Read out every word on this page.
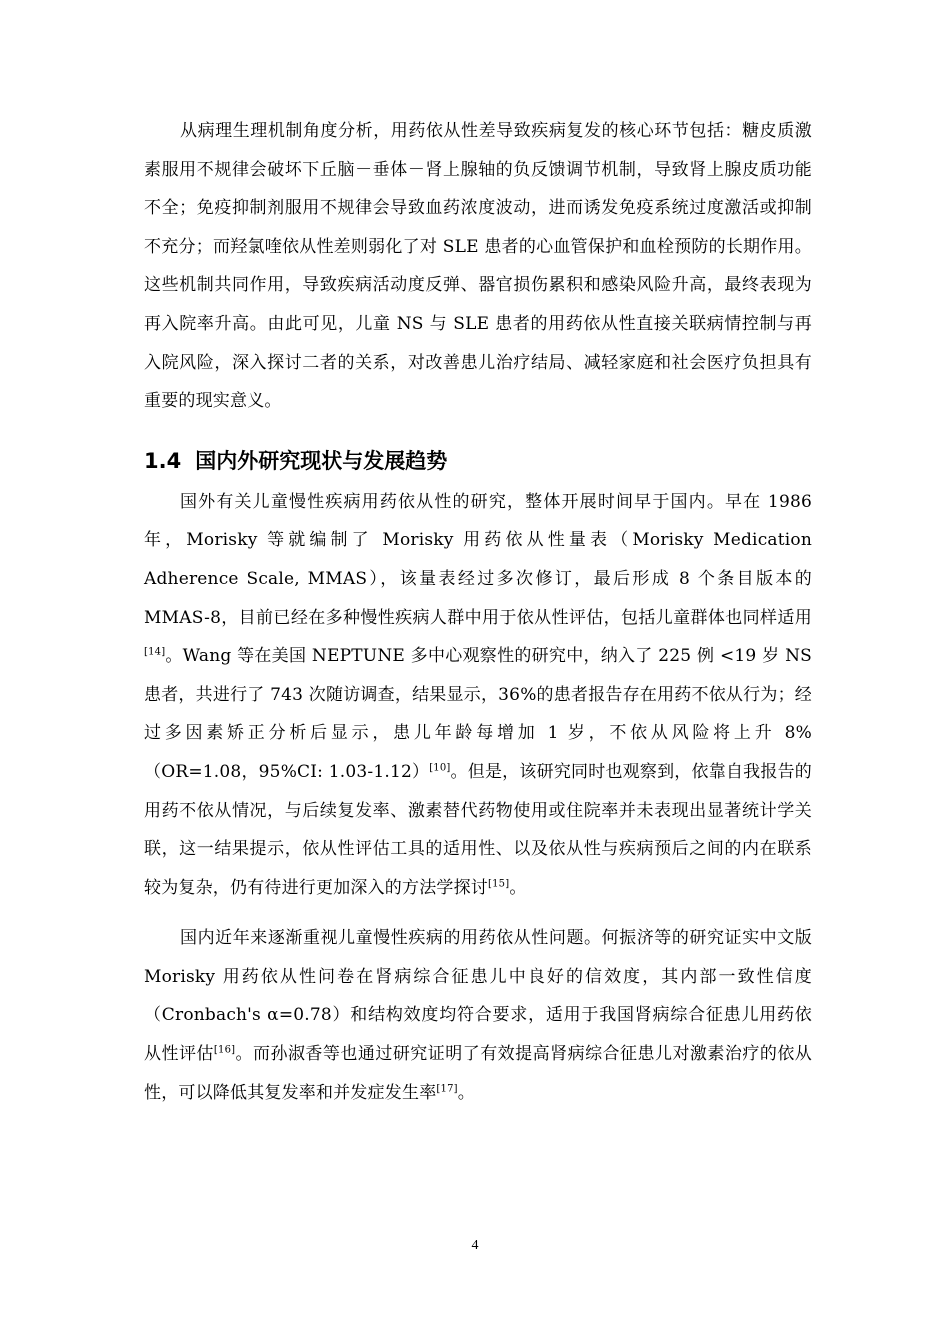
从病理生理机制角度分析，用药依从性差导致疾病复发的核心环节包括：糖皮质激素服用不规律会破坏下丘脑－垂体－肾上腺轴的负反馈调节机制，导致肾上腺皮质功能不全；免疫抑制剂服用不规律会导致血药浓度波动，进而诱发免疫系统过度激活或抑制不充分；而羟氯喹依从性差则弱化了对 SLE 患者的心血管保护和血栓预防的长期作用。这些机制共同作用，导致疾病活动度反弹、器官损伤累积和感染风险升高，最终表现为再入院率升高。由此可见，儿童 NS 与 SLE 患者的用药依从性直接关联病情控制与再入院风险，深入探讨二者的关系，对改善患儿治疗结局、减轻家庭和社会医疗负担具有重要的现实意义。

1.4 国内外研究现状与发展趋势

国外有关儿童慢性疾病用药依从性的研究，整体开展时间早于国内。早在 1986 年，Morisky 等就编制了 Morisky 用药依从性量表（Morisky Medication Adherence Scale, MMAS），该量表经过多次修订，最后形成 8 个条目版本的 MMAS-8，目前已经在多种慢性疾病人群中用于依从性评估，包括儿童群体也同样适用[14]。Wang 等在美国 NEPTUNE 多中心观察性的研究中，纳入了 225 例 <19 岁 NS 患者，共进行了 743 次随访调查，结果显示，36%的患者报告存在用药不依从行为；经过多因素矫正分析后显示，患儿年龄每增加 1 岁，不依从风险将上升 8%（OR=1.08，95%CI: 1.03-1.12）[10]。但是，该研究同时也观察到，依靠自我报告的用药不依从情况，与后续复发率、激素替代药物使用或住院率并未表现出显著统计学关联，这一结果提示，依从性评估工具的适用性、以及依从性与疾病预后之间的内在联系较为复杂，仍有待进行更加深入的方法学探讨[15]。

国内近年来逐渐重视儿童慢性疾病的用药依从性问题。何振济等的研究证实中文版 Morisky 用药依从性问卷在肾病综合征患儿中良好的信效度，其内部一致性信度（Cronbach's α=0.78）和结构效度均符合要求，适用于我国肾病综合征患儿用药依从性评估[16]。而孙淑香等也通过研究证明了有效提高肾病综合征患儿对激素治疗的依从性，可以降低其复发率和并发症发生率[17]。

4
